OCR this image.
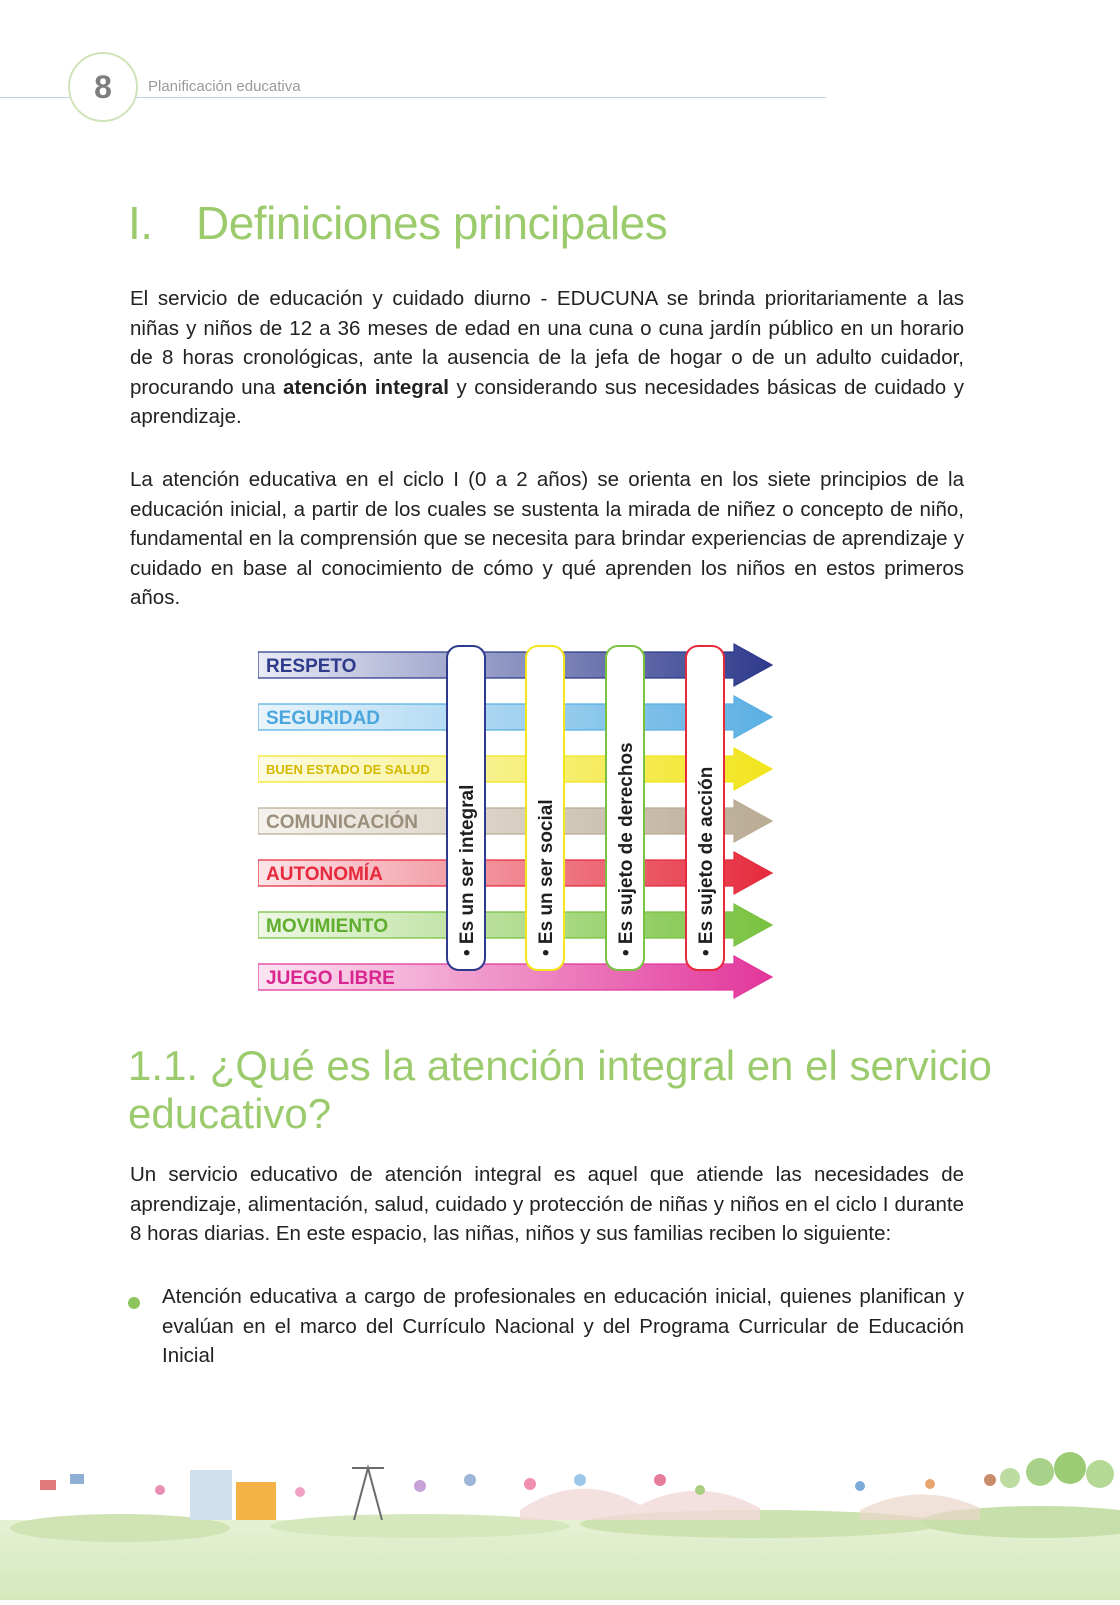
8 Planificación educativa
I. Definiciones principales
El servicio de educación y cuidado diurno - EDUCUNA se brinda prioritariamente a las niñas y niños de 12 a 36 meses de edad en una cuna o cuna jardín público en un horario de 8 horas cronológicas, ante la ausencia de la jefa de hogar o de un adulto cuidador, procurando una atención integral y considerando sus necesidades básicas de cuidado y aprendizaje.
La atención educativa en el ciclo I (0 a 2 años) se orienta en los siete principios de la educación inicial, a partir de los cuales se sustenta la mirada de niñez o concepto de niño, fundamental en la comprensión que se necesita para brindar experiencias de aprendizaje y cuidado en base al conocimiento de cómo y qué aprenden los niños en estos primeros años.
RESPETO
SEGURIDAD
BUEN ESTADO DE SALUD
COMUNICACIÓN
AUTONOMÍA
MOVIMIENTO
JUEGO LIBRE
• Es un ser integral	• Es un ser social	• Es sujeto de derechos	• Es sujeto de acción
1.1. ¿Qué es la atención integral en el servicio educativo?
Un servicio educativo de atención integral es aquel que atiende las necesidades de aprendizaje, alimentación, salud, cuidado y protección de niñas y niños en el ciclo I durante 8 horas diarias. En este espacio, las niñas, niños y sus familias reciben lo siguiente:
Atención educativa a cargo de profesionales en educación inicial, quienes planifican y evalúan en el marco del Currículo Nacional y del Programa Curricular de Educación Inicial
